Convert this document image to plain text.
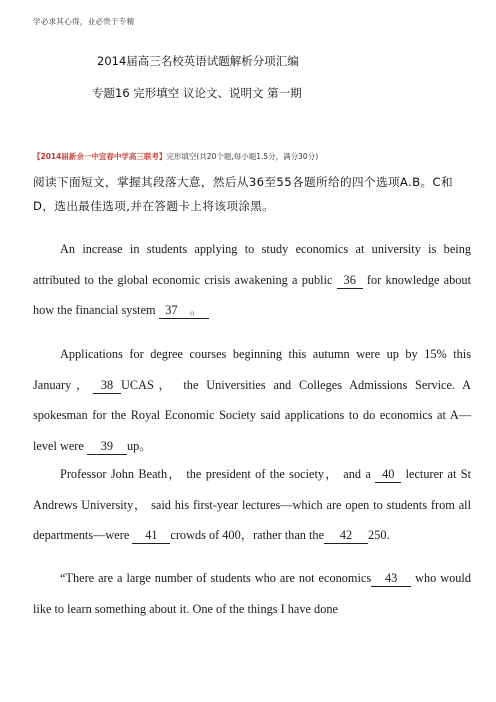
学必求其心得，业必贵于专精
2014届高三名校英语试题解析分项汇编
专题16 完形填空 议论文、说明文 第一期
【2014届新余一中宜春中学高三联考】完形填空(共20个题,每小题1.5分，满分30分)
阅读下面短文，掌握其段落大意，然后从36至55各题所给的四个选项A.B。C和D，选出最佳选项,并在答题卡上将该项涂黑。
An increase in students applying to study economics at university is being attributed to the global economic crisis awakening a public 36 for knowledge about how the financial system 37　。
Applications for degree courses beginning this autumn were up by 15% this January， 38 UCAS， the Universities and Colleges Admissions Service. A spokesman for the Royal Economic Society said applications to do economics at A—level were 39 up。
Professor John Beath， the president of the society， and a 40 lecturer at St Andrews University， said his first-year lectures—which are open to students from all departments—were 41 crowds of 400，rather than the 42 250.
“There are a large number of students who are not economics 43 who would like to learn something about it. One of the things I have done
